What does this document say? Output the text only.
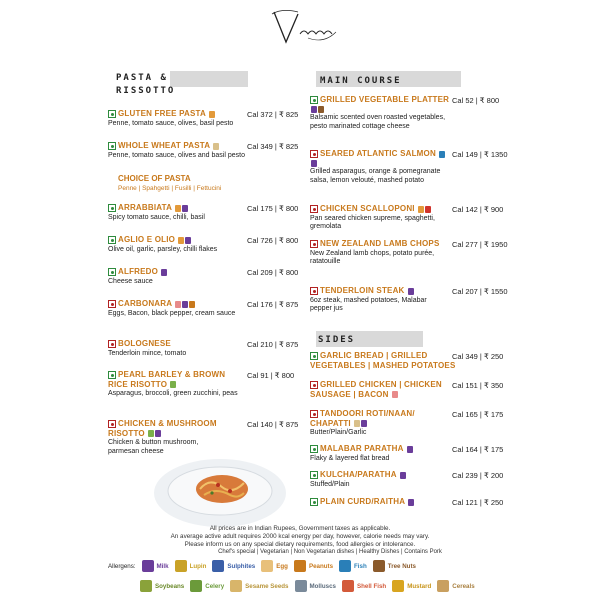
PASTA & RISSOTTO
MAIN COURSE
GLUTEN FREE PASTA
Penne, tomato sauce, olives, basil pesto
Cal 372 | ₹ 825
WHOLE WHEAT PASTA
Penne, tomato sauce, olives and basil pesto
Cal 349 | ₹ 825
CHOICE OF PASTA
Penne | Spahgetti | Fusilli | Fettucini
ARRABBIATA
Spicy tomato sauce, chilli, basil
Cal 175 | ₹ 800
AGLIO E OLIO
Olive oil, garlic, parsley, chilli flakes
Cal 726 | ₹ 800
ALFREDO
Cheese sauce
Cal 209 | ₹ 800
CARBONARA
Eggs, Bacon, black pepper, cream sauce
Cal 176 | ₹ 875
BOLOGNESE
Tenderloin mince, tomato
Cal 210 | ₹ 875
PEARL BARLEY & BROWN RICE RISOTTO
Asparagus, broccoli, green zucchini, peas
Cal 91 | ₹ 800
CHICKEN & MUSHROOM RISOTTO
Chicken & button mushroom, parmesan cheese
Cal 140 | ₹ 875
GRILLED VEGETABLE PLATTER
Balsamic scented oven roasted vegetables, pesto marinated cottage cheese
Cal 52 | ₹ 800
SEARED ATLANTIC SALMON
Grilled asparagus, orange & pomegranate salsa, lemon velouté, mashed potato
Cal 149 | ₹ 1350
CHICKEN SCALLOPONI
Pan seared chicken supreme, spaghetti, gremolata
Cal 142 | ₹ 900
NEW ZEALAND LAMB CHOPS
New Zealand lamb chops, potato purée, ratatouille
Cal 277 | ₹ 1950
TENDERLOIN STEAK
6oz steak, mashed potatoes, Malabar pepper jus
Cal 207 | ₹ 1550
SIDES
GARLIC BREAD | GRILLED VEGETABLES | MASHED POTATOES
Cal 349 | ₹ 250
GRILLED CHICKEN | CHICKEN SAUSAGE | BACON
Cal 151 | ₹ 350
TANDOORI ROTI/NAAN/ CHAPATTI
Butter/Plain/Garlic
Cal 165 | ₹ 175
MALABAR PARATHA
Flaky & layered flat bread
Cal 164 | ₹ 175
KULCHA/PARATHA
Stuffed/Plain
Cal 239 | ₹ 200
PLAIN CURD/RAITHA	Cal 121 | ₹ 250
All prices are in Indian Rupees, Government taxes as applicable.
An average active adult requires 2000 kcal energy per day, however, calorie needs may vary.
Please inform us on any special dietary requirements, food allergies or intolerance.
Chef's special | Vegetarian | Non Vegetarian dishes | Healthy Dishes | Contains Pork
Allergens:	Milk	Lupin	Sulphites	Egg	Peanuts	Fish	Tree Nuts
Soybeans	Celery	Sesame Seeds	Molluscs	Shell Fish	Mustard	Cereals
